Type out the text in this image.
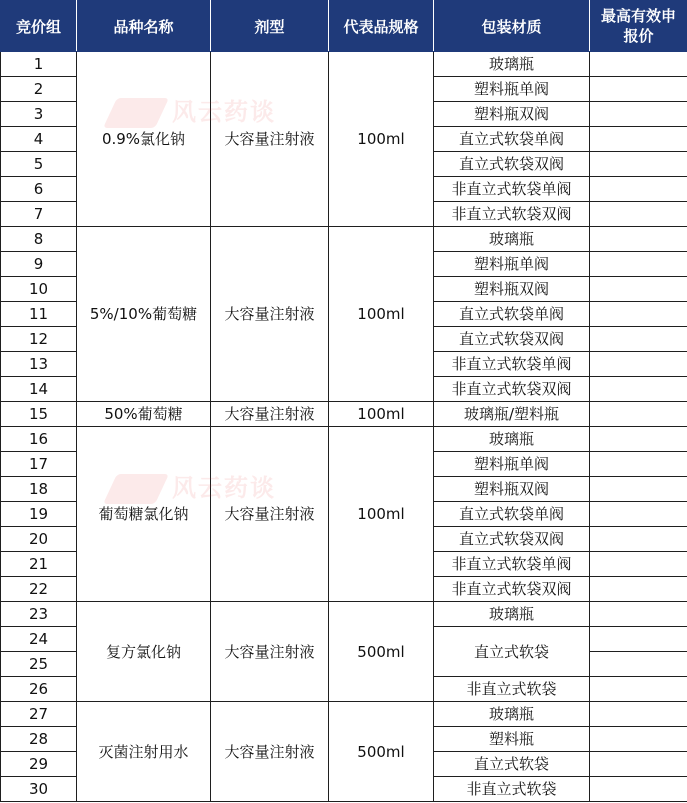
竞价组	品种名称	剂型	代表品规格	包装材质	最高有效申
报价
1	0.9%氯化钠	大容量注射液	100ml	玻璃瓶	
2				塑料瓶单阀	
3				塑料瓶双阀	
4				直立式软袋单阀	
5				直立式软袋双阀	
6				非直立式软袋单阀	
7				非直立式软袋双阀	
8	5%/10%葡萄糖	大容量注射液	100ml	玻璃瓶	
9				塑料瓶单阀	
10				塑料瓶双阀	
11				直立式软袋单阀	
12				直立式软袋双阀	
13				非直立式软袋单阀	
14				非直立式软袋双阀	
15	50%葡萄糖	大容量注射液	100ml	玻璃瓶/塑料瓶	
16	葡萄糖氯化钠	大容量注射液	100ml	玻璃瓶	
17				塑料瓶单阀	
18				塑料瓶双阀	
19				直立式软袋单阀	
20				直立式软袋双阀	
21				非直立式软袋单阀	
22				非直立式软袋双阀	
23	复方氯化钠	大容量注射液	500ml	玻璃瓶	
24				直立式软袋	
25					
26				非直立式软袋	
27	灭菌注射用水	大容量注射液	500ml	玻璃瓶	
28				塑料瓶	
29				直立式软袋	
30				非直立式软袋	
风云药谈
风云药谈
